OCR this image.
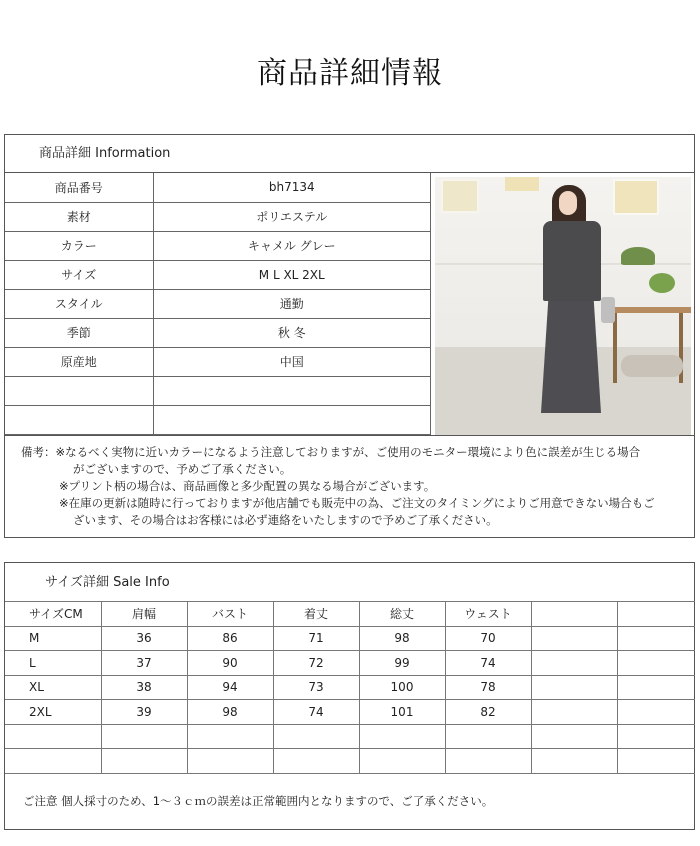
商品詳細情報
商品詳細 Information
商品番号	bh7134
素材	ポリエステル
カラー	キャメル グレー
サイズ	M L XL 2XL
スタイル	通勤
季節	秋 冬
原産地	中国

備考：※なるべく実物に近いカラーになるよう注意しておりますが、ご使用のモニター環境により色に誤差が生じる場合
がございますので、予めご了承ください。
※プリント柄の場合は、商品画像と多少配置の異なる場合がございます。
※在庫の更新は随時に行っておりますが他店舗でも販売中の為、ご注文のタイミングによりご用意できない場合もご
ざいます、その場合はお客様には必ず連絡をいたしますので予めご了承ください。
サイズ詳細 Sale Info
サイズCM	肩幅	バスト	着丈	総丈	ウェスト		
M	36	86	71	98	70		
L	37	90	72	99	74		
XL	38	94	73	100	78		
2XL	39	98	74	101	82		

ご注意 個人採寸のため、1～３ｃｍの誤差は正常範囲内となりますので、ご了承ください。
